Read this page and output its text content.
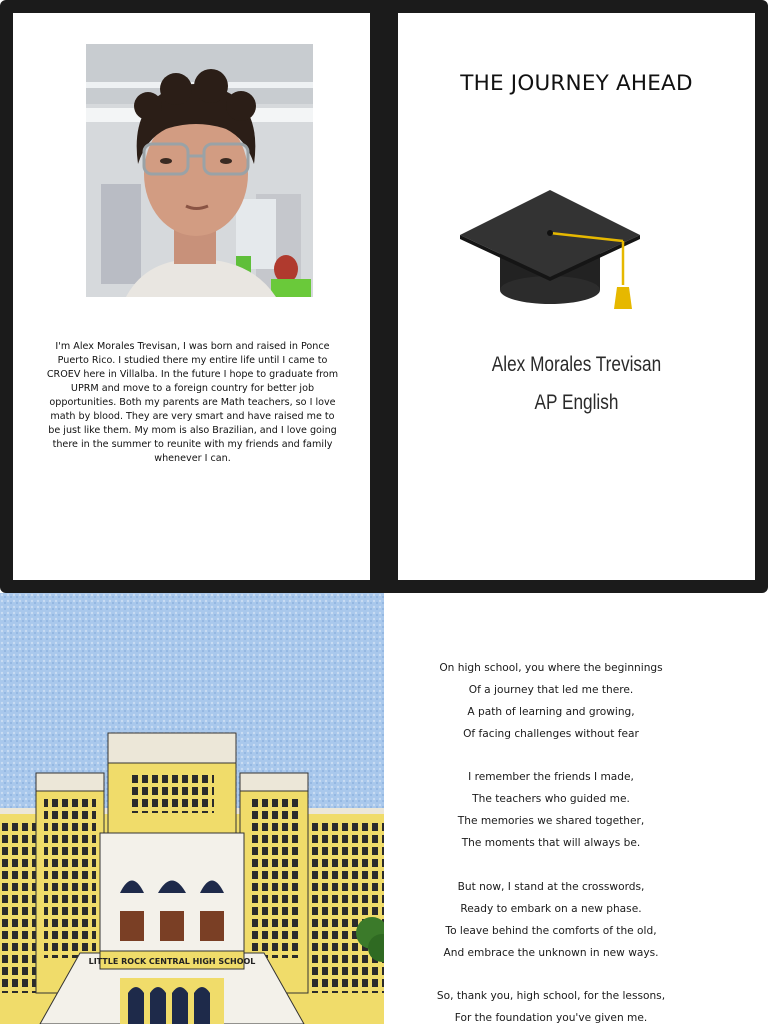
I'm Alex Morales Trevisan, I was born and raised in Ponce Puerto Rico. I studied there my entire life until I came to CROEV here in Villalba. In the future I hope to graduate from UPRM and move to a foreign country for better job opportunities. Both my parents are Math teachers, so I love math by blood. They are very smart and have raised me to be just like them. My mom is also Brazilian, and I love going there in the summer to reunite with my friends and family whenever I can.

THE JOURNEY AHEAD
Alex Morales Trevisan
AP English
LITTLE ROCK CENTRAL HIGH SCHOOL
On high school, you where the beginnings
Of a journey that led me there.
A path of learning and growing,
Of facing challenges without fear
I remember the friends I made,
The teachers who guided me.
The memories we shared together,
The moments that will always be.
But now, I stand at the crosswords,
Ready to embark on a new phase.
To leave behind the comforts of the old,
And embrace the unknown in new ways.
So, thank you, high school, for the lessons,
For the foundation you've given me.
